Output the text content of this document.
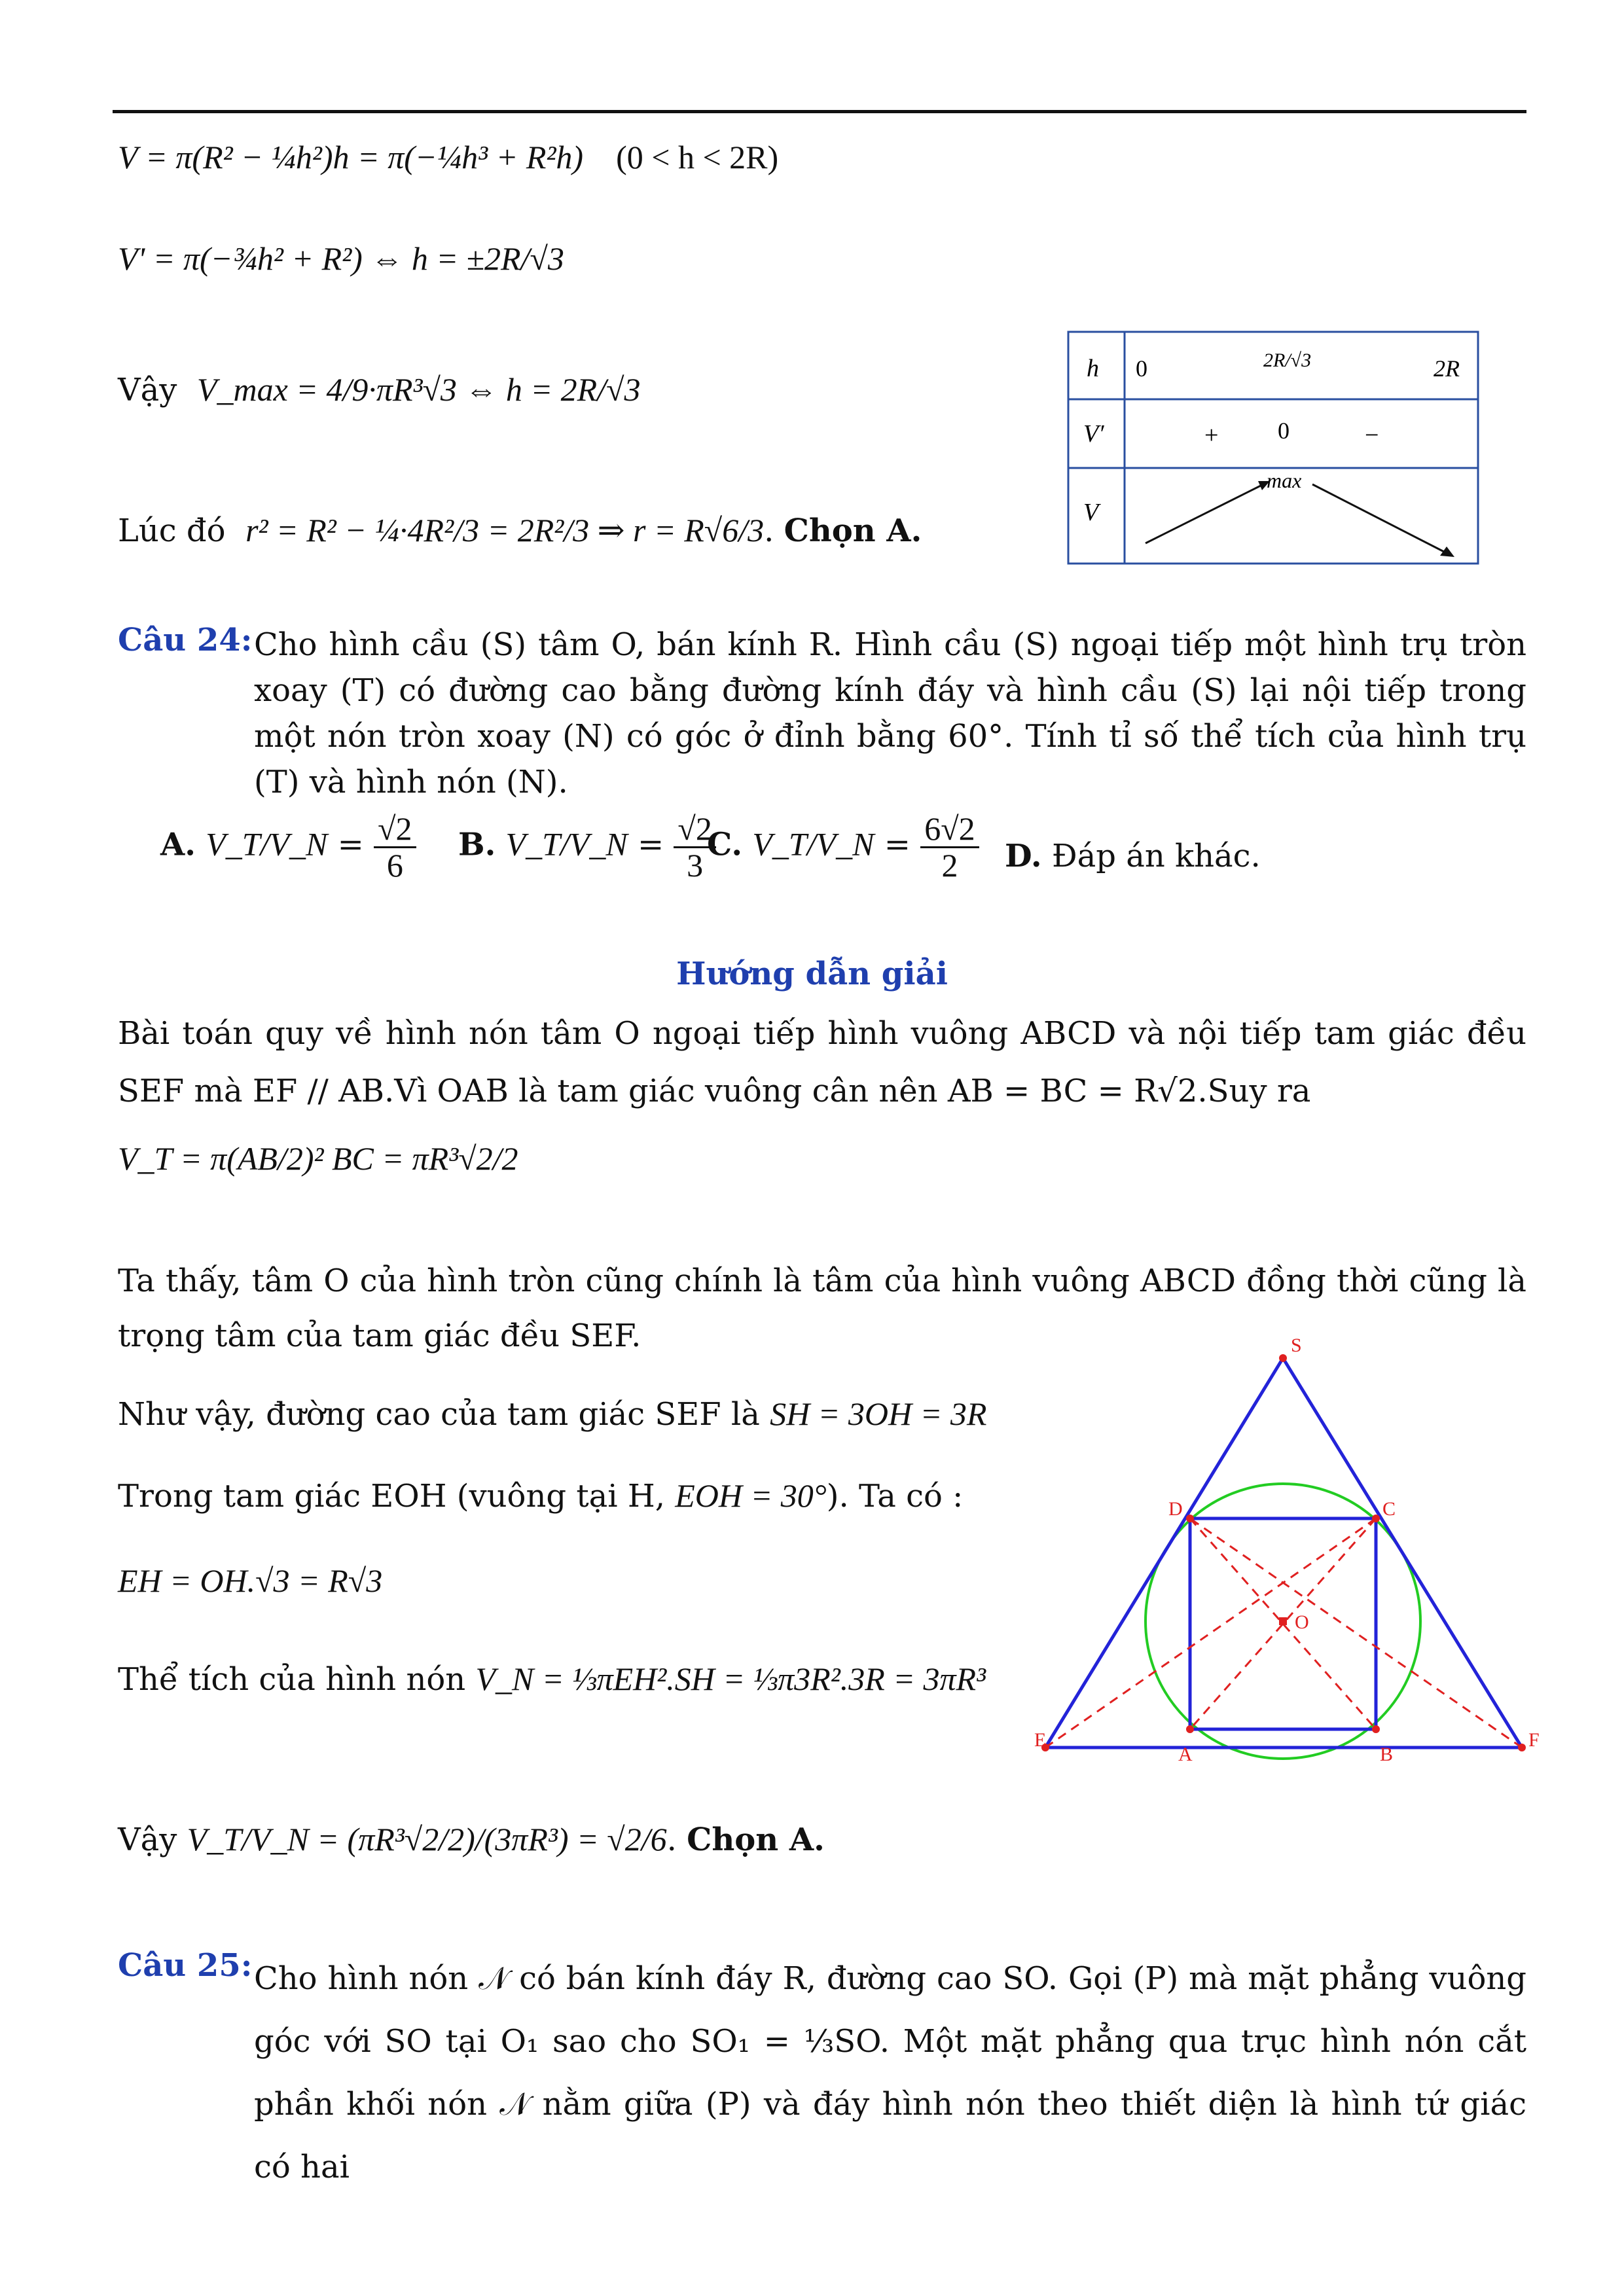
V = π(R² − ¼h²)h = π(−¼h³ + R²h) (0 < h < 2R)
V' = π(−¾h² + R²) ⇔ h = ±2R/√3
Vậy V_max = 4/9·πR³√3 ⇔ h = 2R/√3
Lúc đó r² = R² − ¼·4R²/3 = 2R²/3 ⇒ r = R√6/3. Chọn A.
h 0	2R/√3	2R
V′	+	0	−
V
max
Câu 24: Cho hình cầu (S) tâm O, bán kính R. Hình cầu (S) ngoại tiếp một hình trụ tròn xoay (T) có đường cao bằng đường kính đáy và hình cầu (S) lại nội tiếp trong một nón tròn xoay (N) có góc ở đỉnh bằng 60°. Tính tỉ số thể tích của hình trụ (T) và hình nón (N).
A. V_T/V_N = $\frac{√2}{6} B$. V_T/V_N = $\frac{√2}{3}$
C. V_T/V_N = $\frac{6√2}{2} D$. Đáp án khác.
Hướng dẫn giải
Bài toán quy về hình nón tâm O ngoại tiếp hình vuông ABCD và nội tiếp tam giác đều SEF mà EF // AB.Vì OAB là tam giác vuông cân nên AB = BC = R√2.Suy ra
V_T = π(AB/2)² BC = πR³√2/2
Ta thấy, tâm O của hình tròn cũng chính là tâm của hình vuông ABCD đồng thời cũng là trọng tâm của tam giác đều SEF.
Như vậy, đường cao của tam giác SEF là SH = 3OH = 3R
Trong tam giác EOH (vuông tại H, EOH = 30°). Ta có :
EH = OH.√3 = R√3
Thể tích của hình nón V_N = ⅓πEH².SH = ⅓π3R².3R = 3πR³
Vậy V_T/V_N = (πR³√2/2)/(3πR³) = √2/6. Chọn A.
S
D	C
O
A	B
E	F
Câu 25: Cho hình nón 𝒩 có bán kính đáy R, đường cao SO. Gọi (P) mà mặt phẳng vuông góc với SO tại O₁ sao cho SO₁ = ⅓SO. Một mặt phẳng qua trục hình nón cắt phần khối nón 𝒩 nằm giữa (P) và đáy hình nón theo thiết diện là hình tứ giác có hai
